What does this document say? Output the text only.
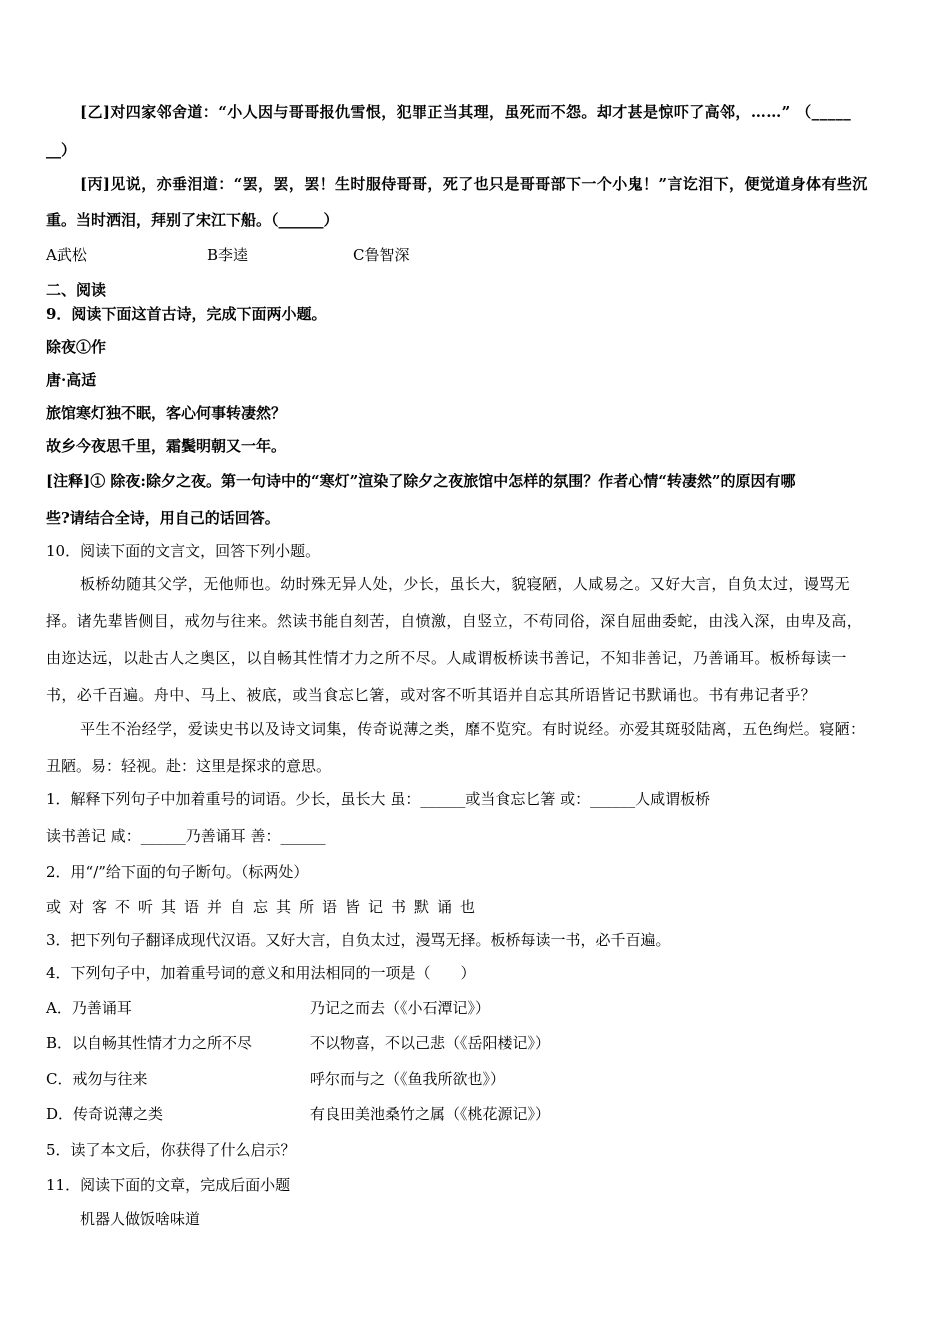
[乙]对四家邻舍道：“小人因与哥哥报仇雪恨，犯罪正当其理，虽死而不怨。却才甚是惊吓了高邻，……” （_____
__）
[丙]见说，亦垂泪道：“罢，罢，罢！生时服侍哥哥，死了也只是哥哥部下一个小鬼！”言讫泪下，便觉道身体有些沉
重。当时洒泪，拜别了宋江下船。（______）
A武松	B李逵	C鲁智深
二、阅读
9．阅读下面这首古诗，完成下面两小题。
除夜①作
唐·高适
旅馆寒灯独不眠，客心何事转凄然？
故乡今夜思千里，霜鬓明朝又一年。
[注释]① 除夜:除夕之夜。第一句诗中的“寒灯”渲染了除夕之夜旅馆中怎样的氛围？作者心情“转凄然”的原因有哪
些?请结合全诗，用自己的话回答。
10．阅读下面的文言文，回答下列小题。
板桥幼随其父学，无他师也。幼时殊无异人处，少长，虽长大，貌寝陋，人咸易之。又好大言，自负太过，谩骂无
择。诸先辈皆侧目，戒勿与往来。然读书能自刻苦，自愤激，自竖立，不苟同俗，深自屈曲委蛇，由浅入深，由卑及高，
由迩达远，以赴古人之奥区，以自畅其性情才力之所不尽。人咸谓板桥读书善记，不知非善记，乃善诵耳。板桥每读一
书，必千百遍。舟中、马上、被底，或当食忘匕箸，或对客不听其语并自忘其所语皆记书默诵也。书有弗记者乎？
平生不治经学，爱读史书以及诗文词集，传奇说薄之类，靡不览究。有时说经。亦爱其斑驳陆离，五色绚烂。寝陋：
丑陋。易：轻视。赴：这里是探求的意思。
1．解释下列句子中加着重号的词语。少长，虽长大 虽：______或当食忘匕箸 或：______人咸谓板桥
读书善记 咸：______乃善诵耳 善：______
2．用“/”给下面的句子断句。（标两处）
或对客不听其语并自忘其所语皆记书默诵也
3．把下列句子翻译成现代汉语。又好大言，自负太过，漫骂无择。板桥每读一书，必千百遍。
4．下列句子中，加着重号词的意义和用法相同的一项是（　　）
A．乃善诵耳	乃记之而去（《小石潭记》）
B．以自畅其性情才力之所不尽	不以物喜，不以己悲（《岳阳楼记》）
C．戒勿与往来	呼尔而与之（《鱼我所欲也》）
D．传奇说薄之类	有良田美池桑竹之属（《桃花源记》）
5．读了本文后，你获得了什么启示？
11．阅读下面的文章，完成后面小题
机器人做饭啥味道
